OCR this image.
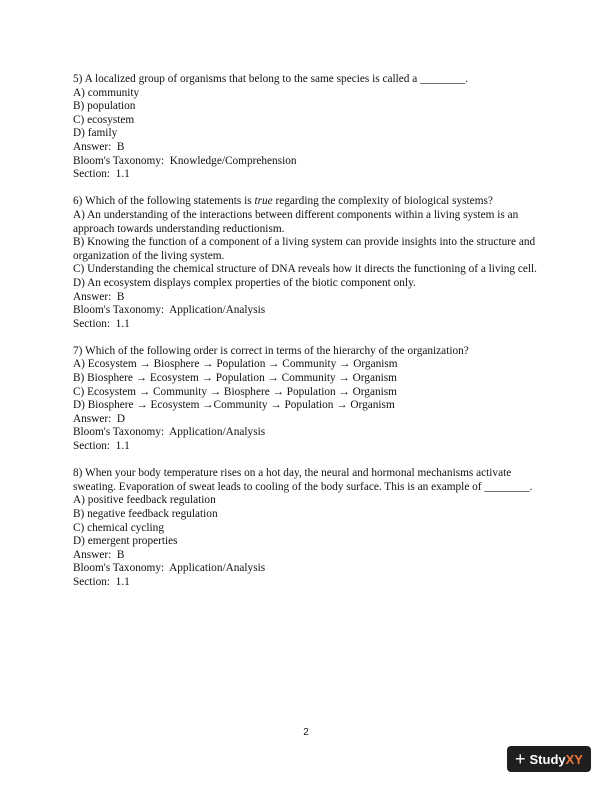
5) A localized group of organisms that belong to the same species is called a ________.
A) community
B) population
C) ecosystem
D) family
Answer:  B
Bloom's Taxonomy:  Knowledge/Comprehension
Section:  1.1
6) Which of the following statements is true regarding the complexity of biological systems?
A) An understanding of the interactions between different components within a living system is an approach towards understanding reductionism.
B) Knowing the function of a component of a living system can provide insights into the structure and organization of the living system.
C) Understanding the chemical structure of DNA reveals how it directs the functioning of a living cell.
D) An ecosystem displays complex properties of the biotic component only.
Answer:  B
Bloom's Taxonomy:  Application/Analysis
Section:  1.1
7) Which of the following order is correct in terms of the hierarchy of the organization?
A) Ecosystem → Biosphere → Population → Community → Organism
B) Biosphere → Ecosystem → Population → Community → Organism
C) Ecosystem → Community → Biosphere → Population → Organism
D) Biosphere → Ecosystem →Community → Population → Organism
Answer:  D
Bloom's Taxonomy:  Application/Analysis
Section:  1.1
8) When your body temperature rises on a hot day, the neural and hormonal mechanisms activate sweating. Evaporation of sweat leads to cooling of the body surface. This is an example of ________.
A) positive feedback regulation
B) negative feedback regulation
C) chemical cycling
D) emergent properties
Answer:  B
Bloom's Taxonomy:  Application/Analysis
Section:  1.1
2
+ Study XY
